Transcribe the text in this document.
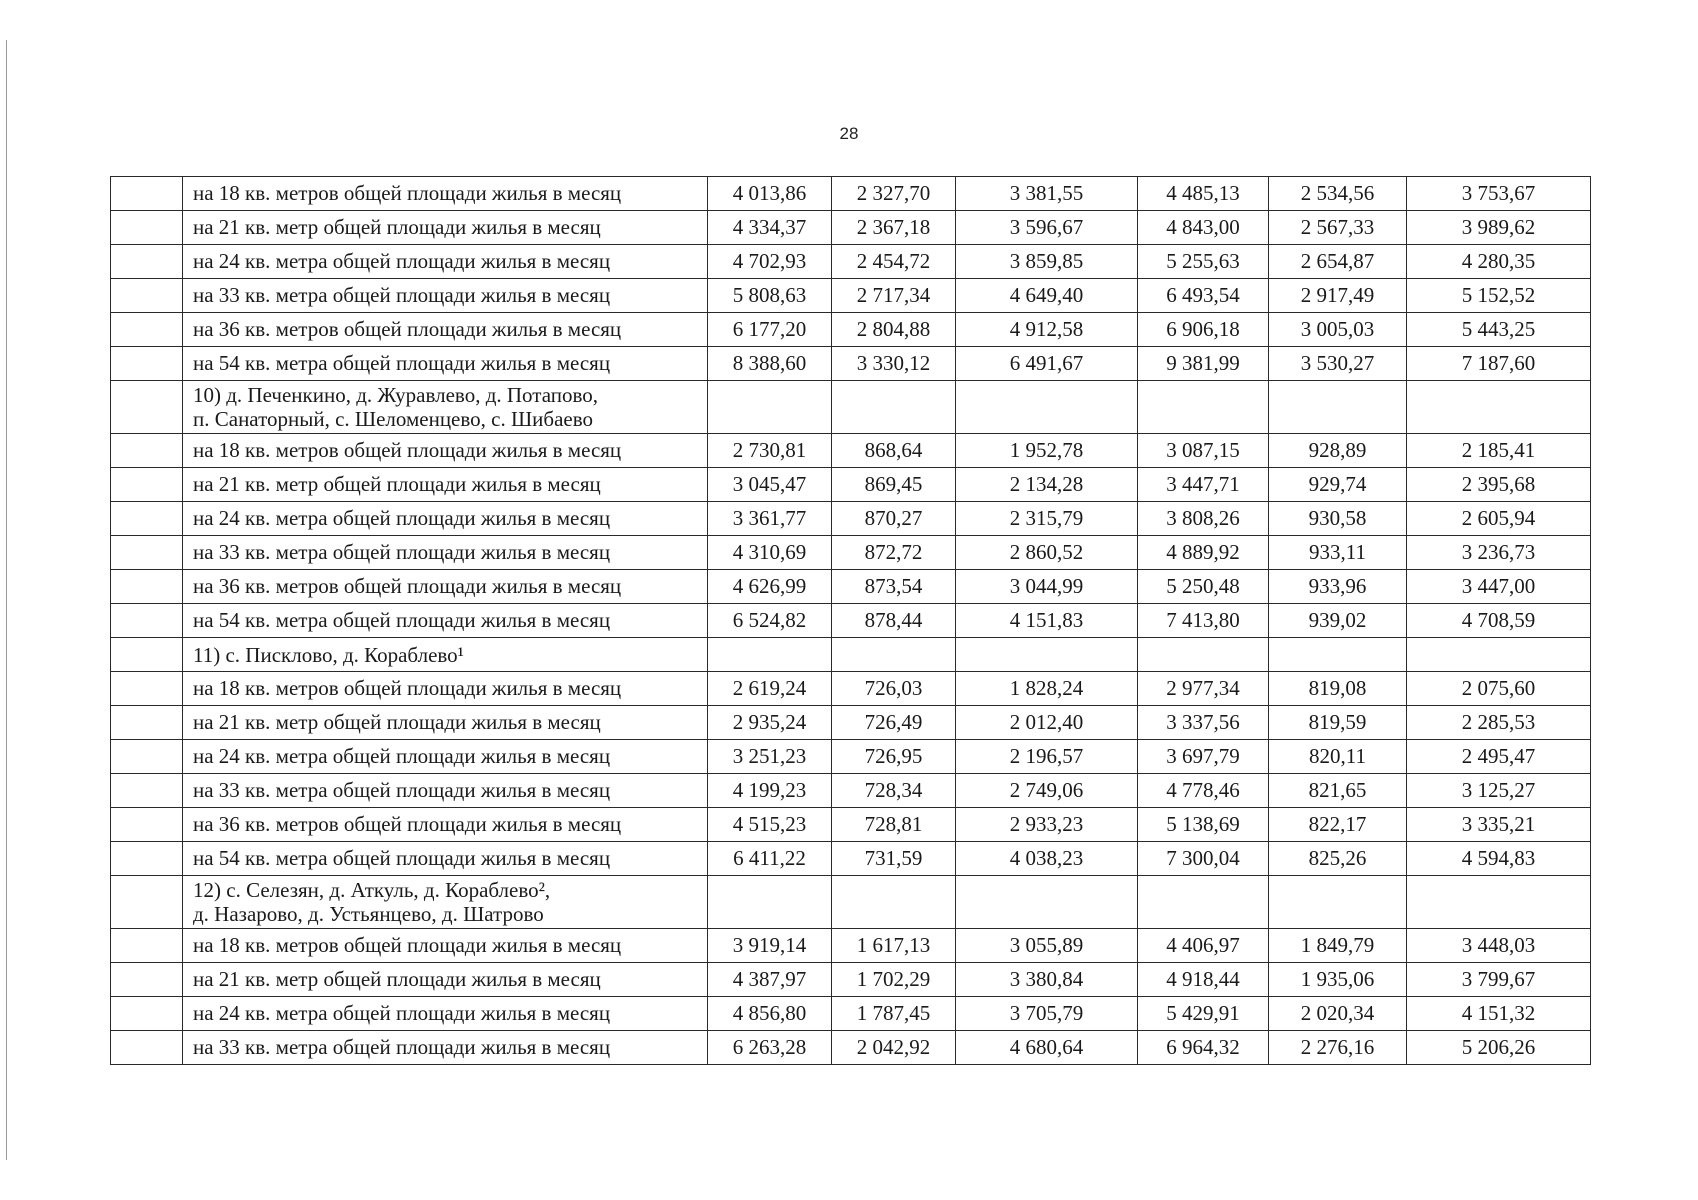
28
	на 18 кв. метров общей площади жилья в месяц	4 013,86	2 327,70	3 381,55	4 485,13	2 534,56	3 753,67
	на 21 кв. метр общей площади жилья в месяц	4 334,37	2 367,18	3 596,67	4 843,00	2 567,33	3 989,62
	на 24 кв. метра общей площади жилья в месяц	4 702,93	2 454,72	3 859,85	5 255,63	2 654,87	4 280,35
	на 33 кв. метра общей площади жилья в месяц	5 808,63	2 717,34	4 649,40	6 493,54	2 917,49	5 152,52
	на 36 кв. метров общей площади жилья в месяц	6 177,20	2 804,88	4 912,58	6 906,18	3 005,03	5 443,25
	на 54 кв. метра общей площади жилья в месяц	8 388,60	3 330,12	6 491,67	9 381,99	3 530,27	7 187,60

	10) д. Печенкино, д. Журавлево, д. Потапово,
п. Санаторный, с. Шеломенцево, с. Шибаево						

	на 18 кв. метров общей площади жилья в месяц	2 730,81	868,64	1 952,78	3 087,15	928,89	2 185,41
	на 21 кв. метр общей площади жилья в месяц	3 045,47	869,45	2 134,28	3 447,71	929,74	2 395,68
	на 24 кв. метра общей площади жилья в месяц	3 361,77	870,27	2 315,79	3 808,26	930,58	2 605,94
	на 33 кв. метра общей площади жилья в месяц	4 310,69	872,72	2 860,52	4 889,92	933,11	3 236,73
	на 36 кв. метров общей площади жилья в месяц	4 626,99	873,54	3 044,99	5 250,48	933,96	3 447,00
	на 54 кв. метра общей площади жилья в месяц	6 524,82	878,44	4 151,83	7 413,80	939,02	4 708,59

	11) с. Писклово, д. Кораблево¹						

	на 18 кв. метров общей площади жилья в месяц	2 619,24	726,03	1 828,24	2 977,34	819,08	2 075,60
	на 21 кв. метр общей площади жилья в месяц	2 935,24	726,49	2 012,40	3 337,56	819,59	2 285,53
	на 24 кв. метра общей площади жилья в месяц	3 251,23	726,95	2 196,57	3 697,79	820,11	2 495,47
	на 33 кв. метра общей площади жилья в месяц	4 199,23	728,34	2 749,06	4 778,46	821,65	3 125,27
	на 36 кв. метров общей площади жилья в месяц	4 515,23	728,81	2 933,23	5 138,69	822,17	3 335,21
	на 54 кв. метра общей площади жилья в месяц	6 411,22	731,59	4 038,23	7 300,04	825,26	4 594,83

	12) с. Селезян, д. Аткуль, д. Кораблево²,
д. Назарово, д. Устьянцево, д. Шатрово						

	на 18 кв. метров общей площади жилья в месяц	3 919,14	1 617,13	3 055,89	4 406,97	1 849,79	3 448,03
	на 21 кв. метр общей площади жилья в месяц	4 387,97	1 702,29	3 380,84	4 918,44	1 935,06	3 799,67
	на 24 кв. метра общей площади жилья в месяц	4 856,80	1 787,45	3 705,79	5 429,91	2 020,34	4 151,32
	на 33 кв. метра общей площади жилья в месяц	6 263,28	2 042,92	4 680,64	6 964,32	2 276,16	5 206,26
